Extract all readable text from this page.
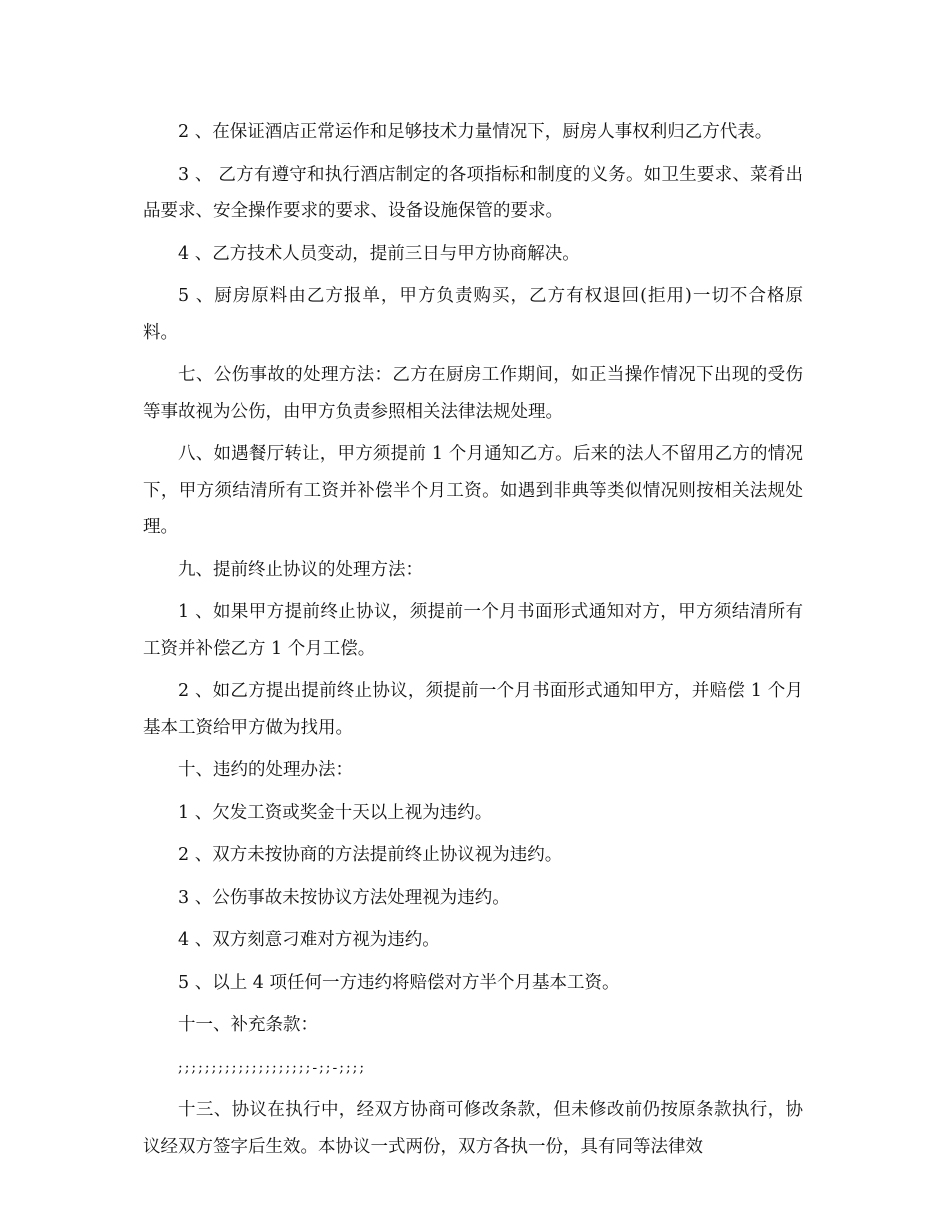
2 、在保证酒店正常运作和足够技术力量情况下，厨房人事权利归乙方代表。

3 、 乙方有遵守和执行酒店制定的各项指标和制度的义务。如卫生要求、菜肴出品要求、安全操作要求的要求、设备设施保管的要求。

4 、乙方技术人员变动，提前三日与甲方协商解决。

5 、厨房原料由乙方报单，甲方负责购买，乙方有权退回(拒用)一切不合格原料。

七、公伤事故的处理方法：乙方在厨房工作期间，如正当操作情况下出现的受伤等事故视为公伤，由甲方负责参照相关法律法规处理。

八、如遇餐厅转让，甲方须提前 1 个月通知乙方。后来的法人不留用乙方的情况下，甲方须结清所有工资并补偿半个月工资。如遇到非典等类似情况则按相关法规处理。

九、提前终止协议的处理方法：

1 、如果甲方提前终止协议，须提前一个月书面形式通知对方，甲方须结清所有工资并补偿乙方 1 个月工偿。

2 、如乙方提出提前终止协议，须提前一个月书面形式通知甲方，并赔偿 1 个月基本工资给甲方做为找用。

十、违约的处理办法：

1 、欠发工资或奖金十天以上视为违约。

2 、双方未按协商的方法提前终止协议视为违约。

3 、公伤事故未按协议方法处理视为违约。

4 、双方刻意刁难对方视为违约。

5 、以上 4 项任何一方违约将赔偿对方半个月基本工资。

十一、补充条款：

;;;;;;;;;;;;;;;;;;;;-;;-;;;;

十三、协议在执行中，经双方协商可修改条款，但未修改前仍按原条款执行，协议经双方签字后生效。本协议一式两份，双方各执一份，具有同等法律效
